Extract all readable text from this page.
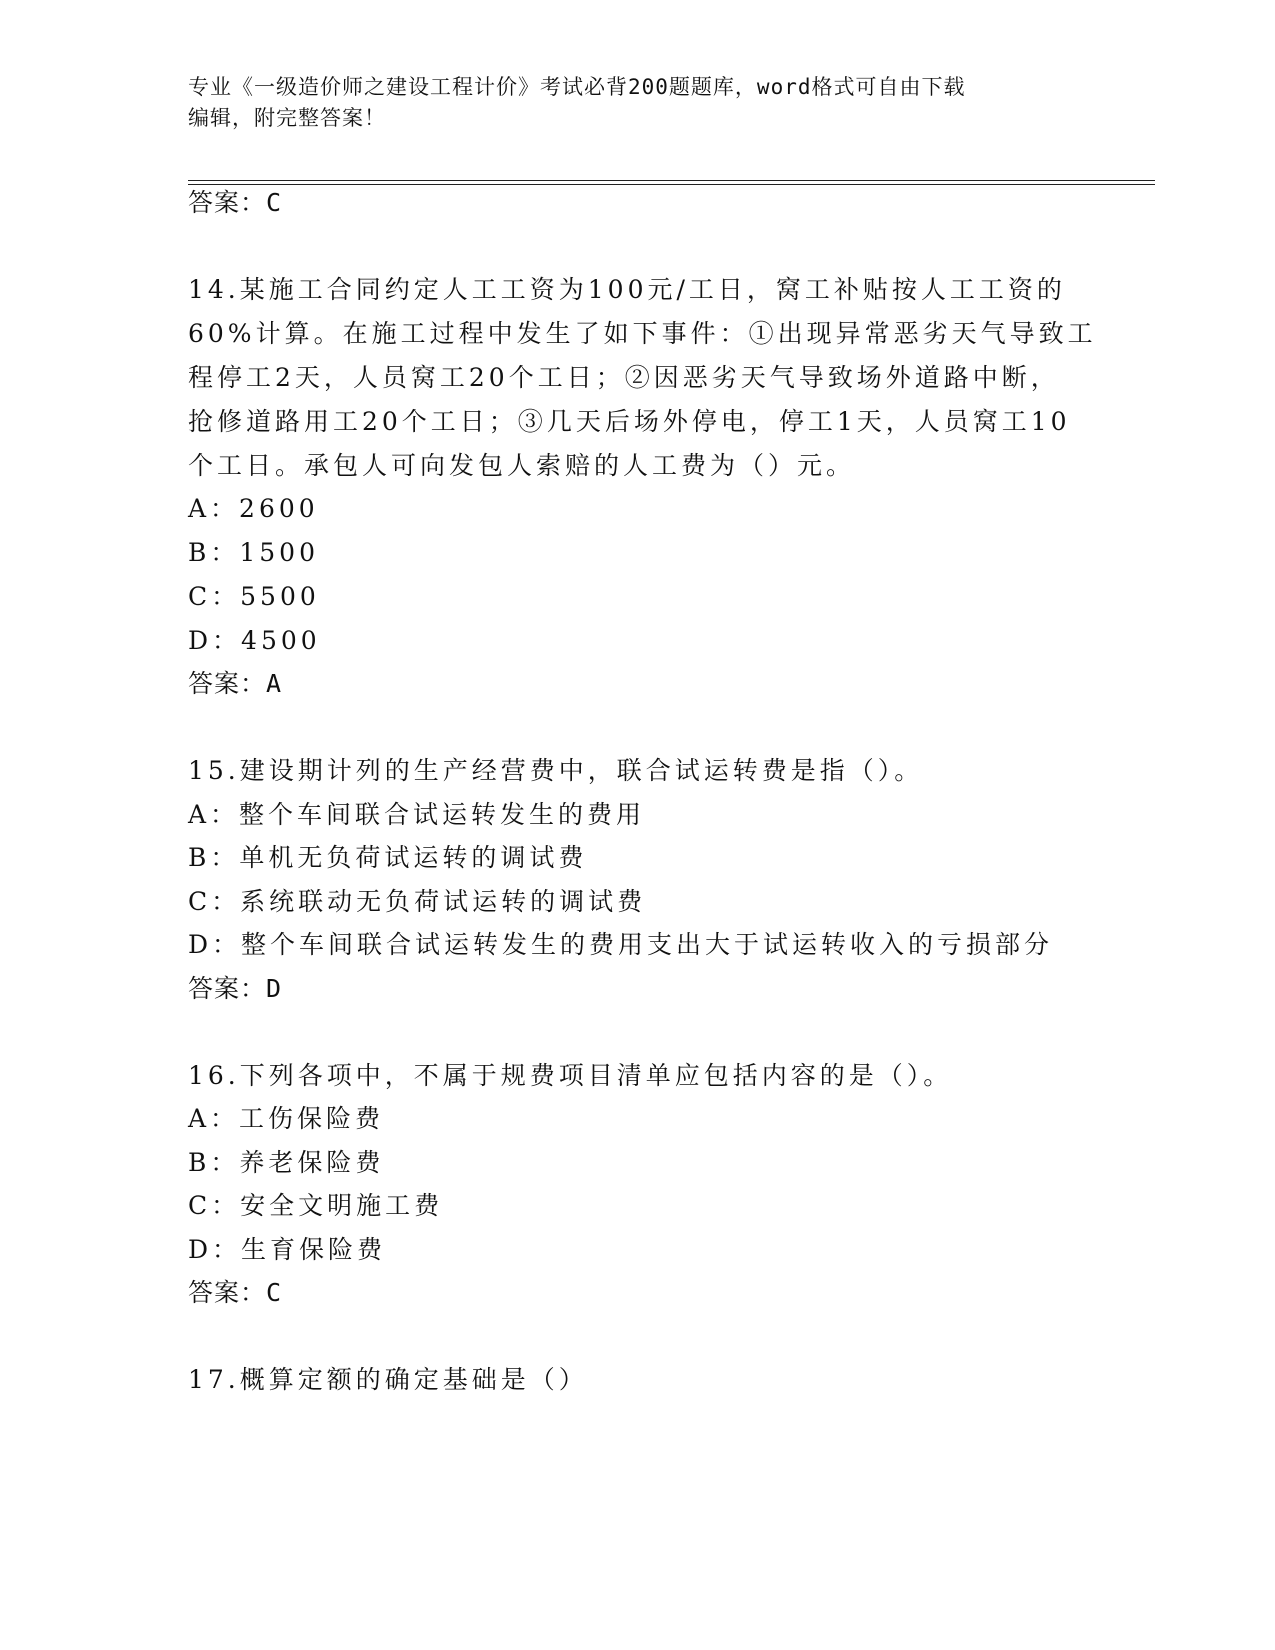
专业《一级造价师之建设工程计价》考试必背200题题库，word格式可自由下载
编辑，附完整答案！
答案：C
14.某施工合同约定人工工资为100元/工日，窝工补贴按人工工资的
60%计算。在施工过程中发生了如下事件：①出现异常恶劣天气导致工
程停工2天，人员窝工20个工日；②因恶劣天气导致场外道路中断，
抢修道路用工20个工日；③几天后场外停电，停工1天，人员窝工10
个工日。承包人可向发包人索赔的人工费为（）元。
A：2600
B：1500
C：5500
D：4500
答案：A
15.建设期计列的生产经营费中，联合试运转费是指（）。
A：整个车间联合试运转发生的费用
B：单机无负荷试运转的调试费
C：系统联动无负荷试运转的调试费
D：整个车间联合试运转发生的费用支出大于试运转收入的亏损部分
答案：D
16.下列各项中，不属于规费项目清单应包括内容的是（）。
A：工伤保险费
B：养老保险费
C：安全文明施工费
D：生育保险费
答案：C
17.概算定额的确定基础是（）
